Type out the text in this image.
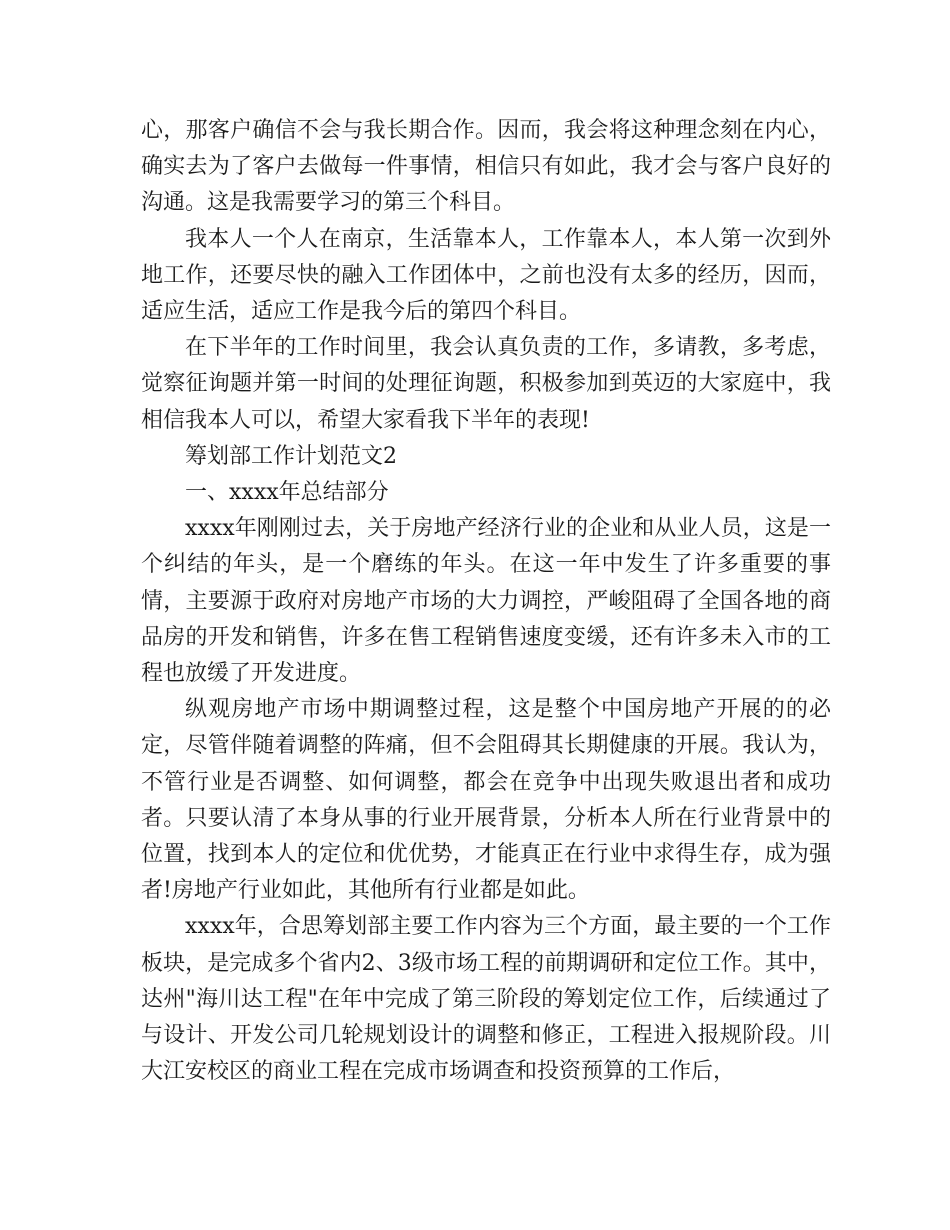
心，那客户确信不会与我长期合作。因而，我会将这种理念刻在内心，确实去为了客户去做每一件事情，相信只有如此，我才会与客户良好的沟通。这是我需要学习的第三个科目。

我本人一个人在南京，生活靠本人，工作靠本人，本人第一次到外地工作，还要尽快的融入工作团体中，之前也没有太多的经历，因而，适应生活，适应工作是我今后的第四个科目。

在下半年的工作时间里，我会认真负责的工作，多请教，多考虑，觉察征询题并第一时间的处理征询题，积极参加到英迈的大家庭中，我相信我本人可以，希望大家看我下半年的表现!

筹划部工作计划范文2

一、xxxx年总结部分

xxxx年刚刚过去，关于房地产经济行业的企业和从业人员，这是一个纠结的年头，是一个磨练的年头。在这一年中发生了许多重要的事情，主要源于政府对房地产市场的大力调控，严峻阻碍了全国各地的商品房的开发和销售，许多在售工程销售速度变缓，还有许多未入市的工程也放缓了开发进度。

纵观房地产市场中期调整过程，这是整个中国房地产开展的的必定，尽管伴随着调整的阵痛，但不会阻碍其长期健康的开展。我认为，不管行业是否调整、如何调整，都会在竞争中出现失败退出者和成功者。只要认清了本身从事的行业开展背景，分析本人所在行业背景中的位置，找到本人的定位和优优势，才能真正在行业中求得生存，成为强者!房地产行业如此，其他所有行业都是如此。

xxxx年，合思筹划部主要工作内容为三个方面，最主要的一个工作板块，是完成多个省内2、3级市场工程的前期调研和定位工作。其中，达州"海川达工程"在年中完成了第三阶段的筹划定位工作，后续通过了与设计、开发公司几轮规划设计的调整和修正，工程进入报规阶段。川大江安校区的商业工程在完成市场调查和投资预算的工作后，
